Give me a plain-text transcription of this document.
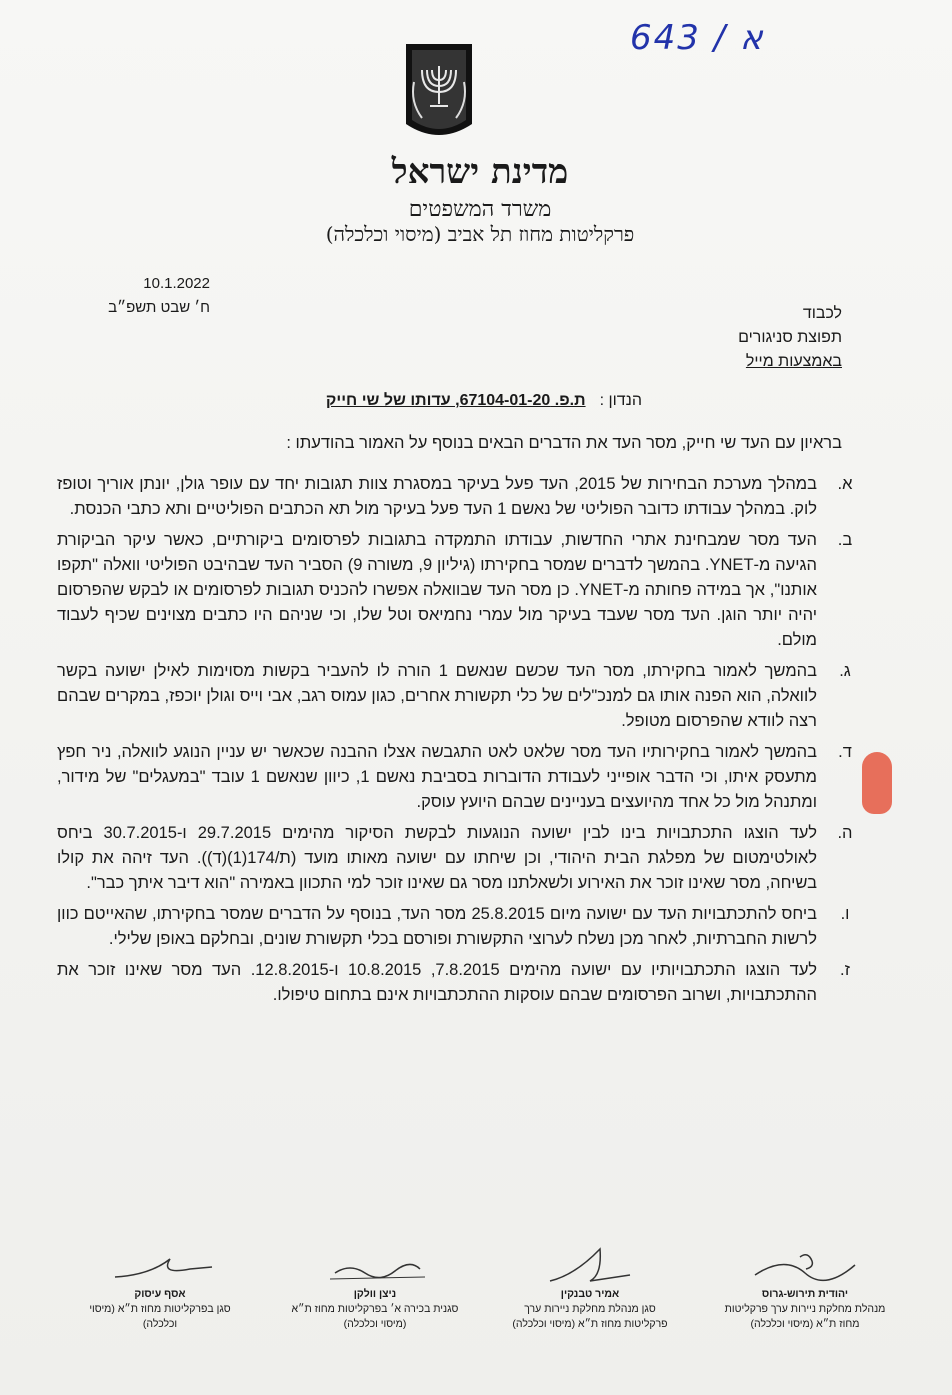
643 / א
מדינת ישראל
משרד המשפטים
פרקליטות מחוז תל אביב (מיסוי וכלכלה)
10.1.2022
ח׳ שבט תשפ״ב	לכבוד
תפוצת סניגורים
באמצעות מייל
הנדון :ת.פ. 67104-01-20, עדותו של שי חייק
בראיון עם העד שי חייק, מסר העד את הדברים הבאים בנוסף על האמור בהודעתו :
א.
במהלך מערכת הבחירות של 2015, העד פעל בעיקר במסגרת צוות תגובות יחד עם עופר גולן, יונתן אוריך וטופז לוק. במהלך עבודתו כדובר הפוליטי של נאשם 1 העד פעל בעיקר מול תא הכתבים הפוליטיים ותא כתבי הכנסת.
ב.
העד מסר שמבחינת אתרי החדשות, עבודתו התמקדה בתגובות לפרסומים ביקורתיים, כאשר עיקר הביקורת הגיעה מ-YNET. בהמשך לדברים שמסר בחקירתו (גיליון 9, משורה 9) הסביר העד שבהיבט הפוליטי וואלה "תקפו אותנו", אך במידה פחותה מ-YNET. כן מסר העד שבוואלה אפשרו להכניס תגובות לפרסומים או לבקש שהפרסום יהיה יותר הוגן. העד מסר שעבד בעיקר מול עמרי נחמיאס וטל שלו, וכי שניהם היו כתבים מצוינים שכיף לעבוד מולם.
ג.
בהמשך לאמור בחקירתו, מסר העד שכשם שנאשם 1 הורה לו להעביר בקשות מסוימות לאילן ישועה בקשר לוואלה, הוא הפנה אותו גם למנכ"לים של כלי תקשורת אחרים, כגון עמוס רגב, אבי וייס וגולן יוכפז, במקרים שבהם רצה לוודא שהפרסום מטופל.
ד.
בהמשך לאמור בחקירותיו העד מסר שלאט לאט התגבשה אצלו ההבנה שכאשר יש עניין הנוגע לוואלה, ניר חפץ מתעסק איתו, וכי הדבר אופייני לעבודת הדוברות בסביבת נאשם 1, כיוון שנאשם 1 עובד "במעגלים" של מידור, ומתנהל מול כל אחד מהיועצים בעניינים שבהם היועץ עוסק.
ה.
לעד הוצגו התכתבויות בינו לבין ישועה הנוגעות לבקשת הסיקור מהימים 29.7.2015 ו-30.7.2015 ביחס לאולטימטום של מפלגת הבית היהודי, וכן שיחתו עם ישועה מאותו מועד (ת/174(1)(ד)). העד זיהה את קולו בשיחה, מסר שאינו זוכר את האירוע ולשאלתנו מסר גם שאינו זוכר למי התכוון באמירה "הוא דיבר איתך כבר".
ו.
ביחס להתכתבויות העד עם ישועה מיום 25.8.2015 מסר העד, בנוסף על הדברים שמסר בחקירתו, שהאייטם כוון לרשות החברתיות, לאחר מכן נשלח לערוצי התקשורת ופורסם בכלי תקשורת שונים, ובחלקם באופן שלילי.
ז.
לעד הוצגו התכתבויותיו עם ישועה מהימים 7.8.2015, 10.8.2015 ו-12.8.2015. העד מסר שאינו זוכר את ההתכתבויות, ושרוב הפרסומים שבהם עוסקות ההתכתבויות אינם בתחום טיפולו.
יהודית תירוש-גרוס
מנהלת מחלקת ניירות ערך פרקליטות מחוז ת״א (מיסוי וכלכלה)
אמיר טבנקין
סגן מנהלת מחלקת ניירות ערך פרקליטות מחוז ת״א (מיסוי וכלכלה)
ניצן וולקן
סגנית בכירה א׳ בפרקליטות מחוז ת״א (מיסוי וכלכלה)
אסף עיסוק
סגן בפרקליטות מחוז ת״א (מיסוי וכלכלה)
